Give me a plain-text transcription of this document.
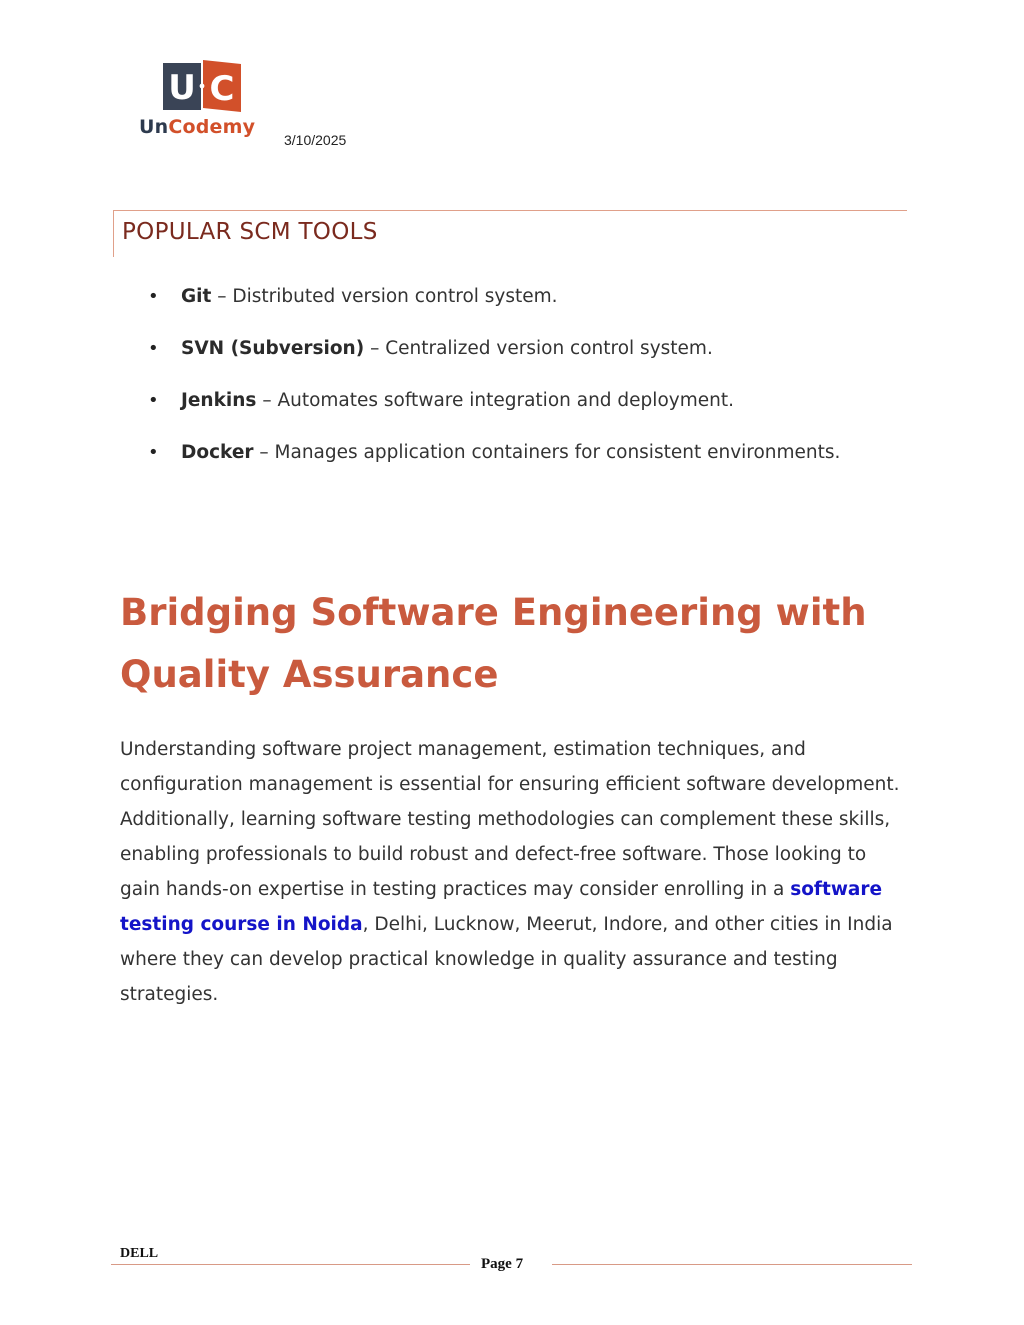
U C
UnCodemy
3/10/2025
POPULAR SCM TOOLS
•	Git – Distributed version control system.
•	SVN (Subversion) – Centralized version control system.
•	Jenkins – Automates software integration and deployment.
•	Docker – Manages application containers for consistent environments.
Bridging Software Engineering with Quality Assurance

Understanding software project management, estimation techniques, and configuration management is essential for ensuring efficient software development. Additionally, learning software testing methodologies can complement these skills, enabling professionals to build robust and defect-free software. Those looking to gain hands-on expertise in testing practices may consider enrolling in a software testing course in Noida, Delhi, Lucknow, Meerut, Indore, and other cities in India where they can develop practical knowledge in quality assurance and testing strategies.

DELL
Page 7
